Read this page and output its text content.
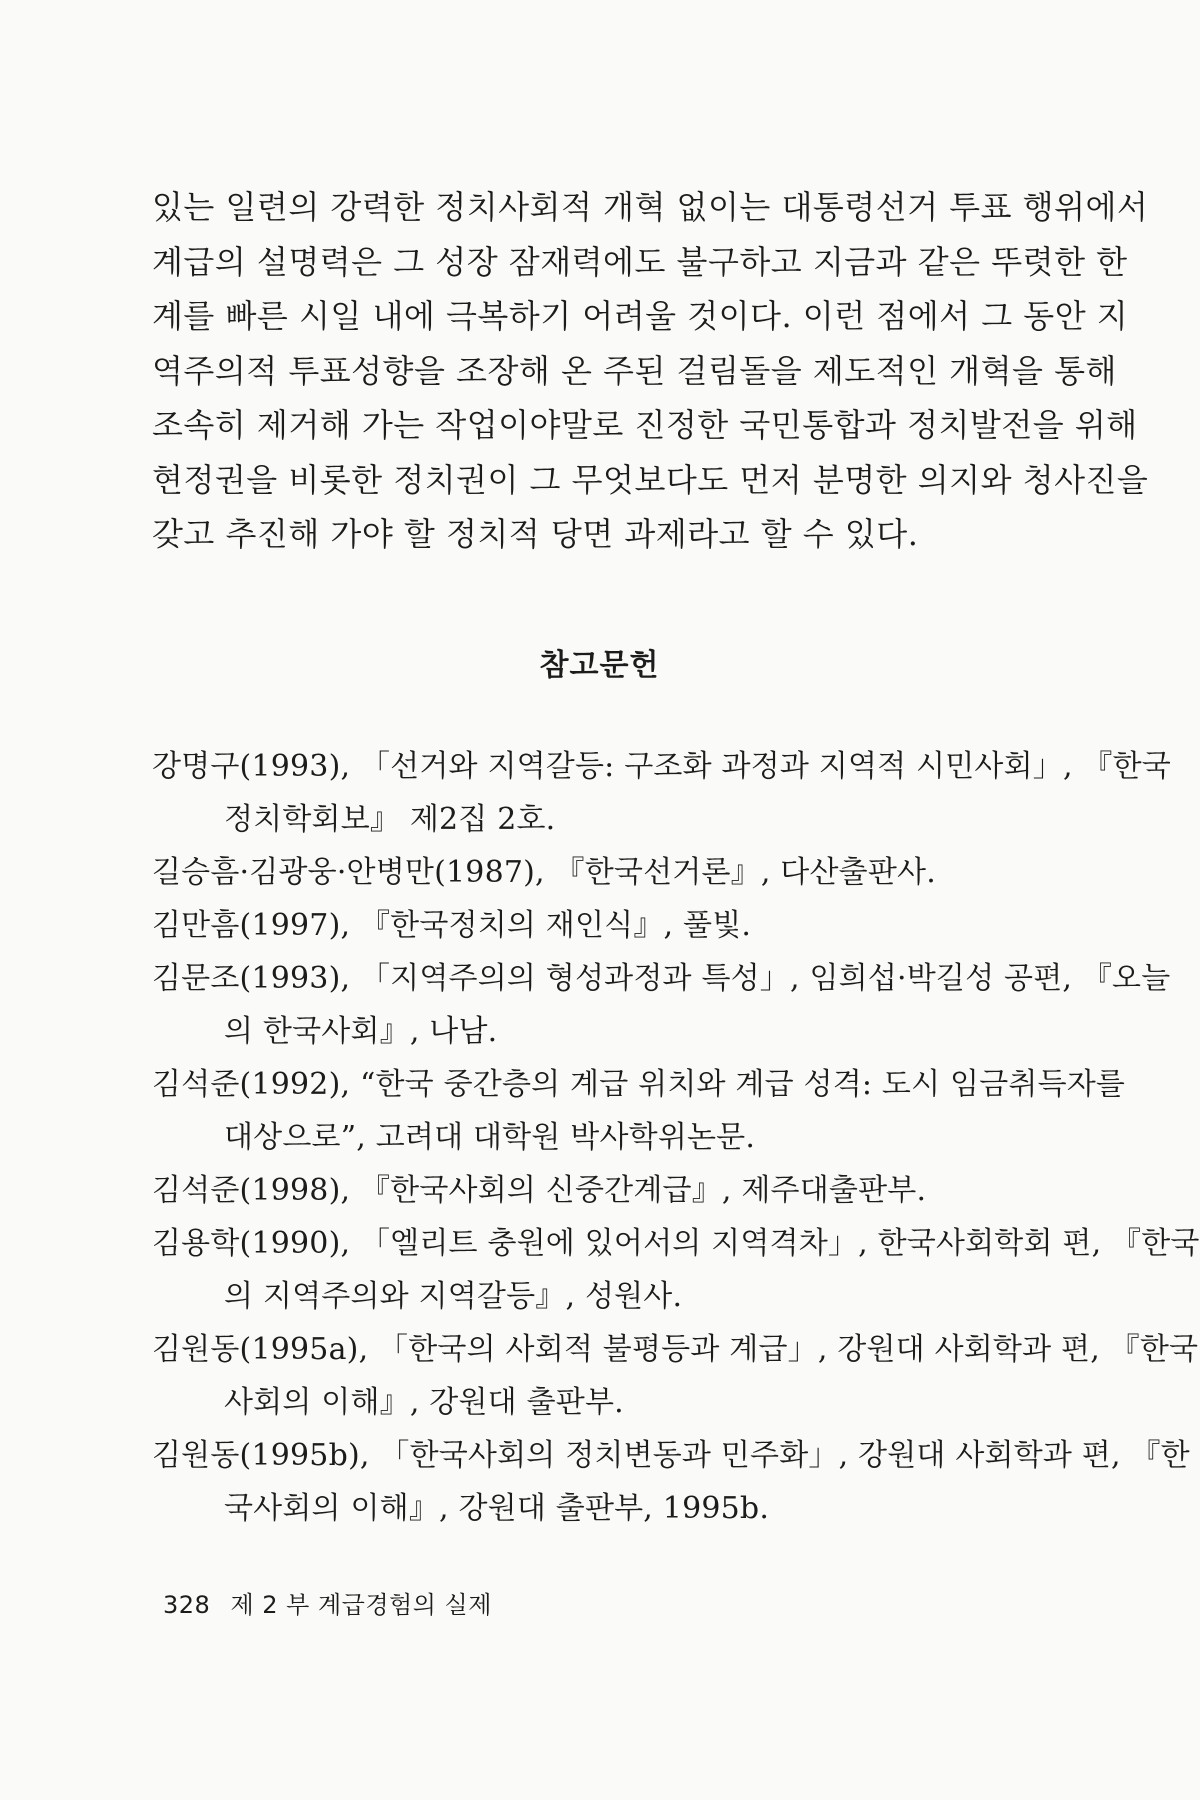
있는 일련의 강력한 정치사회적 개혁 없이는 대통령선거 투표 행위에서
계급의 설명력은 그 성장 잠재력에도 불구하고 지금과 같은 뚜렷한 한
계를 빠른 시일 내에 극복하기 어려울 것이다. 이런 점에서 그 동안 지
역주의적 투표성향을 조장해 온 주된 걸림돌을 제도적인 개혁을 통해
조속히 제거해 가는 작업이야말로 진정한 국민통합과 정치발전을 위해
현정권을 비롯한 정치권이 그 무엇보다도 먼저 분명한 의지와 청사진을
갖고 추진해 가야 할 정치적 당면 과제라고 할 수 있다.

참고문헌
강명구(1993), 「선거와 지역갈등: 구조화 과정과 지역적 시민사회」, 『한국
정치학회보』 제2집 2호.
길승흠·김광웅·안병만(1987), 『한국선거론』, 다산출판사.
김만흠(1997), 『한국정치의 재인식』, 풀빛.
김문조(1993), 「지역주의의 형성과정과 특성」, 임희섭·박길성 공편, 『오늘
의 한국사회』, 나남.
김석준(1992), “한국 중간층의 계급 위치와 계급 성격: 도시 임금취득자를
대상으로”, 고려대 대학원 박사학위논문.
김석준(1998), 『한국사회의 신중간계급』, 제주대출판부.
김용학(1990), 「엘리트 충원에 있어서의 지역격차」, 한국사회학회 편, 『한국
의 지역주의와 지역갈등』, 성원사.
김원동(1995a), 「한국의 사회적 불평등과 계급」, 강원대 사회학과 편, 『한국
사회의 이해』, 강원대 출판부.
김원동(1995b), 「한국사회의 정치변동과 민주화」, 강원대 사회학과 편, 『한
국사회의 이해』, 강원대 출판부, 1995b.
328 제 2 부 계급경험의 실제
